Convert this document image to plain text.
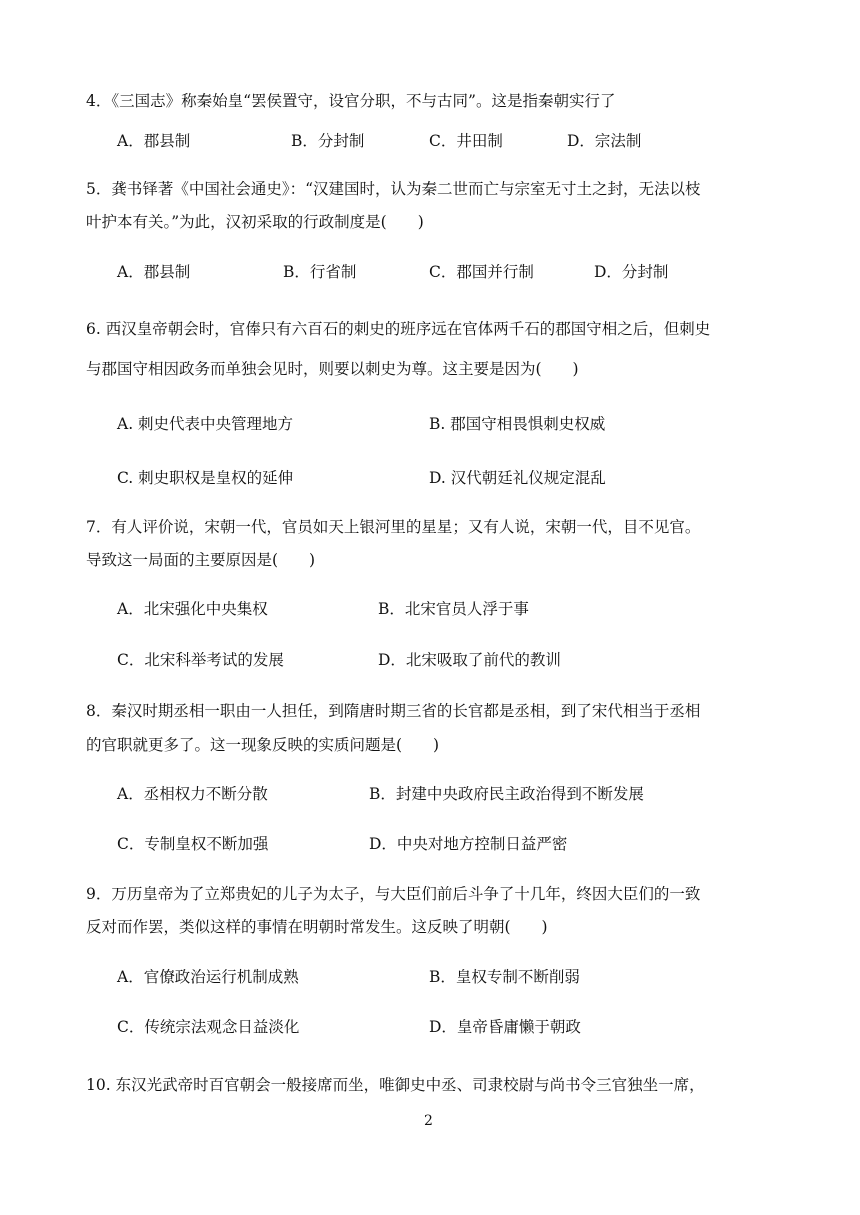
4．《三国志》称秦始皇“罢侯置守，设官分职，不与古同”。这是指秦朝实行了
A．郡县制	B．分封制	C．井田制	D．宗法制
5．龚书铎著《中国社会通史》：“汉建国时，认为秦二世而亡与宗室无寸土之封，无法以枝
叶护本有关。”为此，汉初采取的行政制度是(　　)
A．郡县制	B．行省制	C．郡国并行制	D．分封制
6. 西汉皇帝朝会时，官俸只有六百石的刺史的班序远在官体两千石的郡国守相之后，但刺史
与郡国守相因政务而单独会见时，则要以刺史为尊。这主要是因为(　　)
A. 刺史代表中央管理地方	B. 郡国守相畏惧刺史权威
C. 刺史职权是皇权的延伸	D. 汉代朝廷礼仪规定混乱
7．有人评价说，宋朝一代，官员如天上银河里的星星；又有人说，宋朝一代，目不见官。
导致这一局面的主要原因是(　　)
A．北宋强化中央集权	B．北宋官员人浮于事
C．北宋科举考试的发展	D．北宋吸取了前代的教训
8．秦汉时期丞相一职由一人担任，到隋唐时期三省的长官都是丞相，到了宋代相当于丞相
的官职就更多了。这一现象反映的实质问题是(　　)
A．丞相权力不断分散	B．封建中央政府民主政治得到不断发展
C．专制皇权不断加强	D．中央对地方控制日益严密
9．万历皇帝为了立郑贵妃的儿子为太子，与大臣们前后斗争了十几年，终因大臣们的一致
反对而作罢，类似这样的事情在明朝时常发生。这反映了明朝(　　)
A．官僚政治运行机制成熟	B．皇权专制不断削弱
C．传统宗法观念日益淡化	D．皇帝昏庸懒于朝政
10. 东汉光武帝时百官朝会一般接席而坐，唯御史中丞、司隶校尉与尚书令三官独坐一席，
2
